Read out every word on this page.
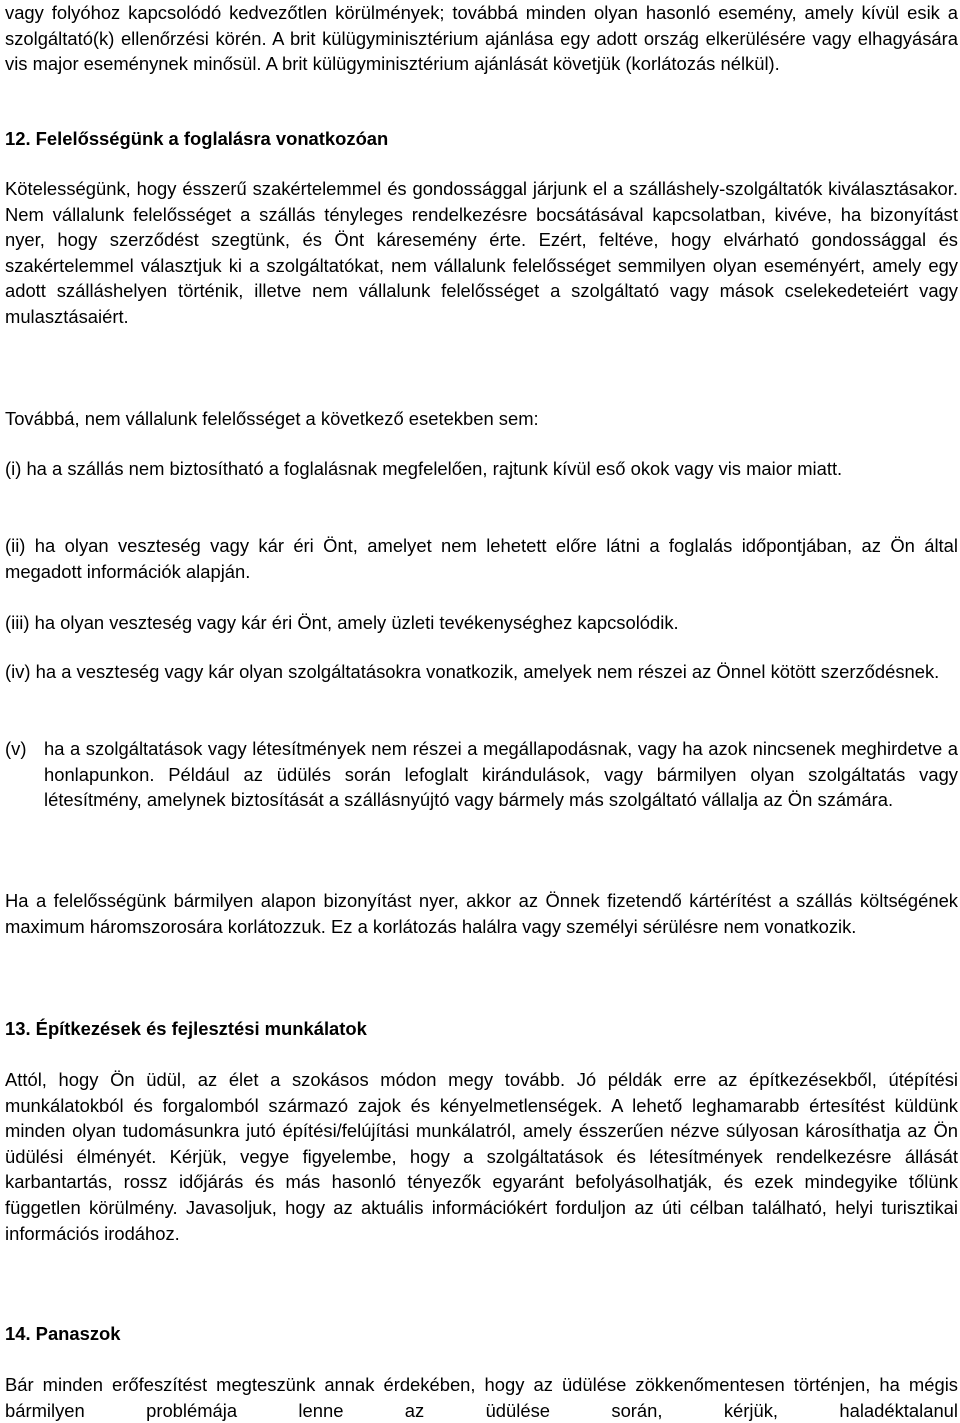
vagy folyóhoz kapcsolódó kedvezőtlen körülmények; továbbá minden olyan hasonló esemény, amely kívül esik a szolgáltató(k) ellenőrzési körén. A brit külügyminisztérium ajánlása egy adott ország elkerülésére vagy elhagyására vis major eseménynek minősül. A brit külügyminisztérium ajánlását követjük (korlátozás nélkül).

12. Felelősségünk a foglalásra vonatkozóan

Kötelességünk, hogy ésszerű szakértelemmel és gondossággal járjunk el a szálláshely-szolgáltatók kiválasztásakor. Nem vállalunk felelősséget a szállás tényleges rendelkezésre bocsátásával kapcsolatban, kivéve, ha bizonyítást nyer, hogy szerződést szegtünk, és Önt káresemény érte. Ezért, feltéve, hogy elvárható gondossággal és szakértelemmel választjuk ki a szolgáltatókat, nem vállalunk felelősséget semmilyen olyan eseményért, amely egy adott szálláshelyen történik, illetve nem vállalunk felelősséget a szolgáltató vagy mások cselekedeteiért vagy mulasztásaiért.

Továbbá, nem vállalunk felelősséget a következő esetekben sem:

(i) ha a szállás nem biztosítható a foglalásnak megfelelően, rajtunk kívül eső okok vagy vis maior miatt.

(ii) ha olyan veszteség vagy kár éri Önt, amelyet nem lehetett előre látni a foglalás időpontjában, az Ön által megadott információk alapján.

(iii) ha olyan veszteség vagy kár éri Önt, amely üzleti tevékenységhez kapcsolódik.

(iv) ha a veszteség vagy kár olyan szolgáltatásokra vonatkozik, amelyek nem részei az Önnel kötött szerződésnek.

(v) ha a szolgáltatások vagy létesítmények nem részei a megállapodásnak, vagy ha azok nincsenek meghirdetve a honlapunkon. Például az üdülés során lefoglalt kirándulások, vagy bármilyen olyan szolgáltatás vagy létesítmény, amelynek biztosítását a szállásnyújtó vagy bármely más szolgáltató vállalja az Ön számára.

Ha a felelősségünk bármilyen alapon bizonyítást nyer, akkor az Önnek fizetendő kártérítést a szállás költségének maximum háromszorosára korlátozzuk. Ez a korlátozás halálra vagy személyi sérülésre nem vonatkozik.

13. Építkezések és fejlesztési munkálatok

Attól, hogy Ön üdül, az élet a szokásos módon megy tovább. Jó példák erre az építkezésekből, útépítési munkálatokból és forgalomból származó zajok és kényelmetlenségek. A lehető leghamarabb értesítést küldünk minden olyan tudomásunkra jutó építési/felújítási munkálatról, amely ésszerűen nézve súlyosan károsíthatja az Ön üdülési élményét. Kérjük, vegye figyelembe, hogy a szolgáltatások és létesítmények rendelkezésre állását karbantartás, rossz időjárás és más hasonló tényezők egyaránt befolyásolhatják, és ezek mindegyike tőlünk független körülmény. Javasoljuk, hogy az aktuális információkért forduljon az úti célban található, helyi turisztikai információs irodához.

14. Panaszok

Bár minden erőfeszítést megteszünk annak érdekében, hogy az üdülése zökkenőmentesen történjen, ha mégis bármilyen problémája lenne az üdülése során, kérjük, haladéktalanul
